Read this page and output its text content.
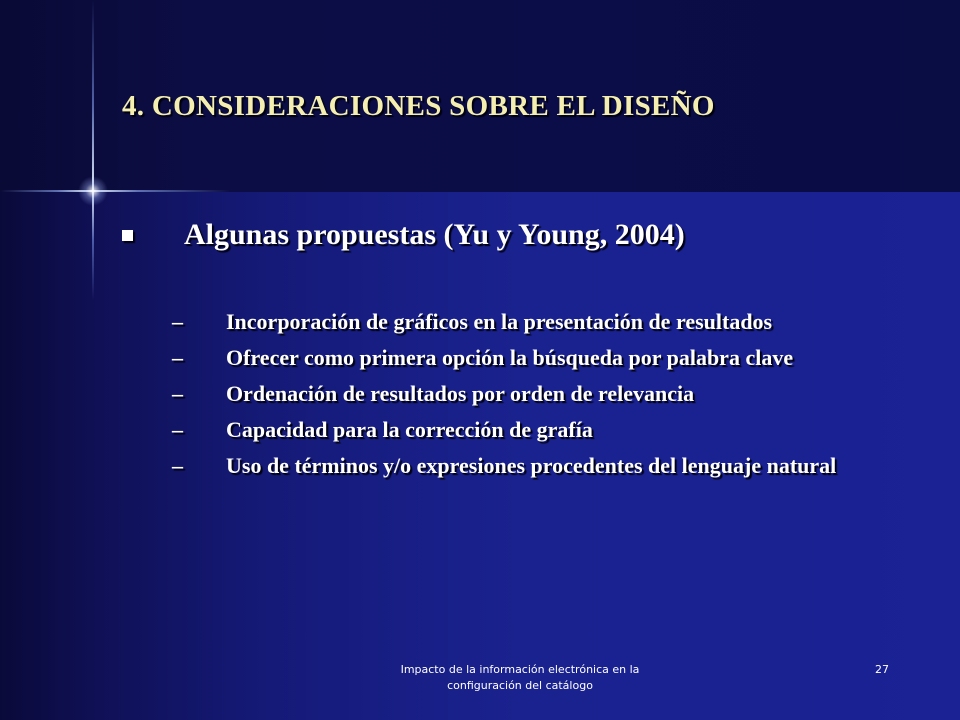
4. CONSIDERACIONES SOBRE EL DISEÑO
Algunas propuestas (Yu y Young, 2004)
–	Incorporación de gráficos en la presentación de resultados
–	Ofrecer como primera opción la búsqueda por palabra clave
–	Ordenación de resultados por orden de relevancia
–	Capacidad para la corrección de grafía
–	Uso de términos y/o expresiones procedentes del lenguaje natural
Impacto de la información electrónica en la
configuración del catálogo
27
